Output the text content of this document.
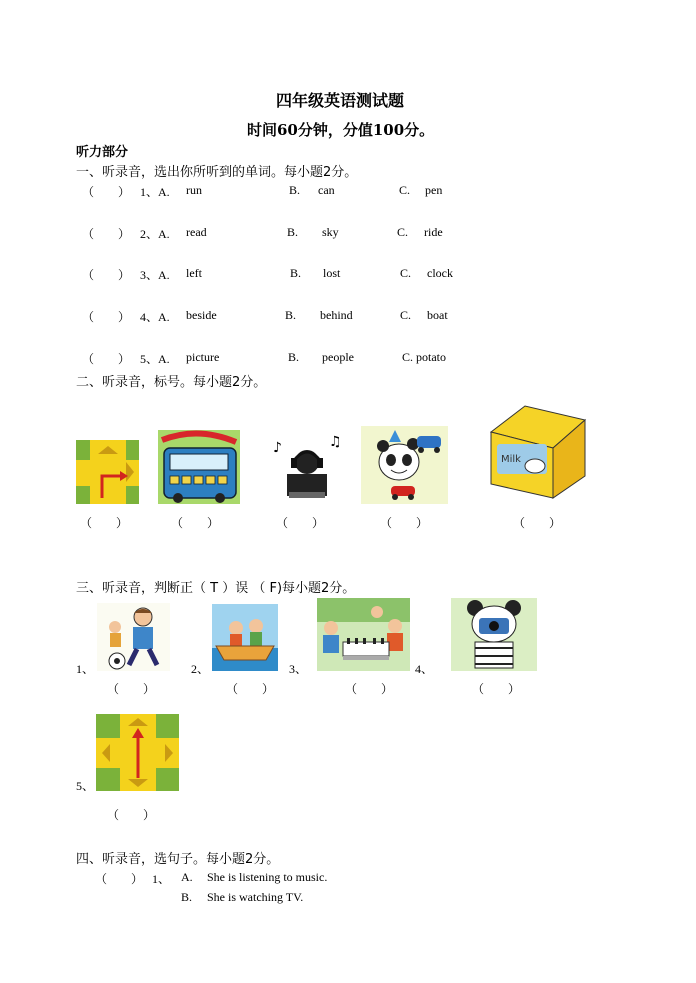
四年级英语测试题
时间60分钟，分值100分。
听力部分
一、听录音，选出你所听到的单词。每小题2分。
（　　） 1、A. run	B. can	C. pen
（　　） 2、A. read	B. sky	C. ride
（　　） 3、A. left	B. lost	C. clock
（　　） 4、A. beside	B. behind	C. boat
（　　） 5、A. picture	B. people	C. potato
二、听录音，标号。每小题2分。
♪	♫
Milk
（　　）	（　　）	（　　）	（　　）	（　　）
三、听录音，判断正（ T ）误 （ F)每小题2分。
1、	2、	3、	4、
（　　）	（　　）	（　　）	（　　）
5、
（　　）
四、听录音，选句子。每小题2分。
（　　） 1、 A. She is listening to music.
B. She is watching TV.
